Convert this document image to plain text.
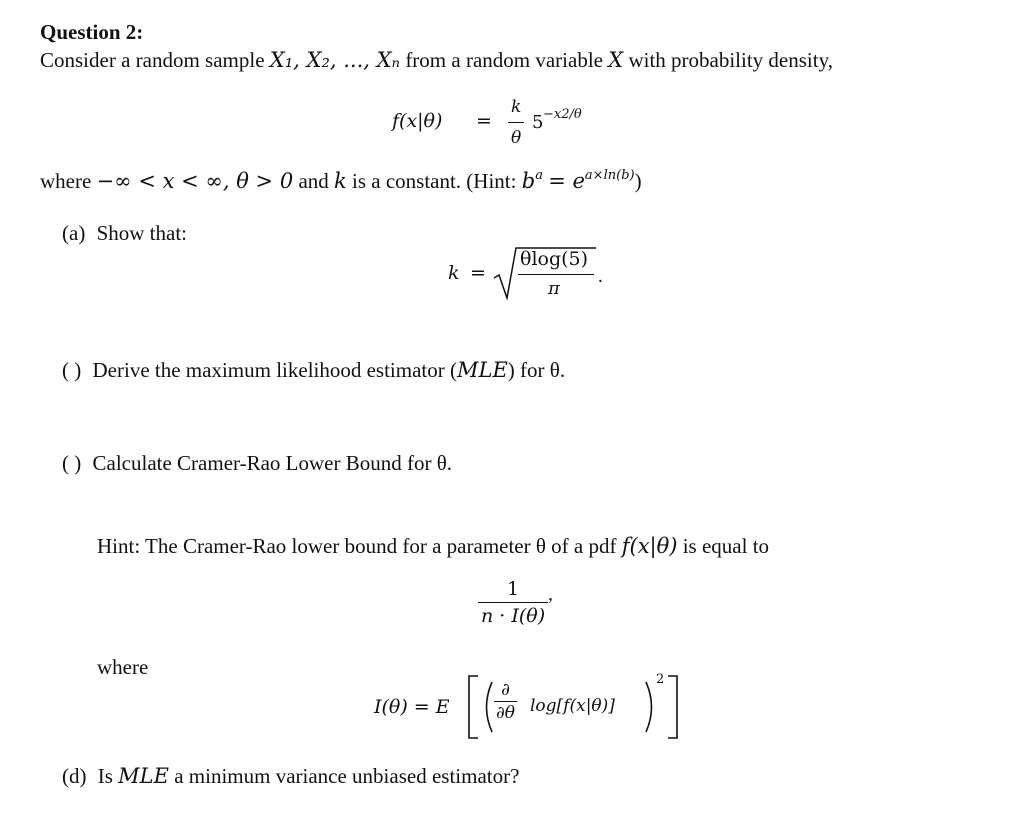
Question 2:
Consider a random sample X₁, X₂, ..., Xₙ from a random variable X with probability density,
$f(x|\theta) = \frac{k}{\theta} 5 -x2/\theta$
where −∞ < x < ∞, θ > 0 and k is a constant. (Hint: $b^a = e^{a\times ln(b)}$)
(a) Show that:
k =
θlog(5)
π
.
( ) Derive the maximum likelihood estimator (MLE) for θ.
( ) Calculate Cramer-Rao Lower Bound for θ.
Hint: The Cramer-Rao lower bound for a parameter θ of a pdf f(x|θ) is equal to
$\frac{1}{n \cdot I(\theta)}$ ,
where
I(θ) = E
∂
∂θ log[f(x|θ)]
2
(d) Is MLE a minimum variance unbiased estimator?
